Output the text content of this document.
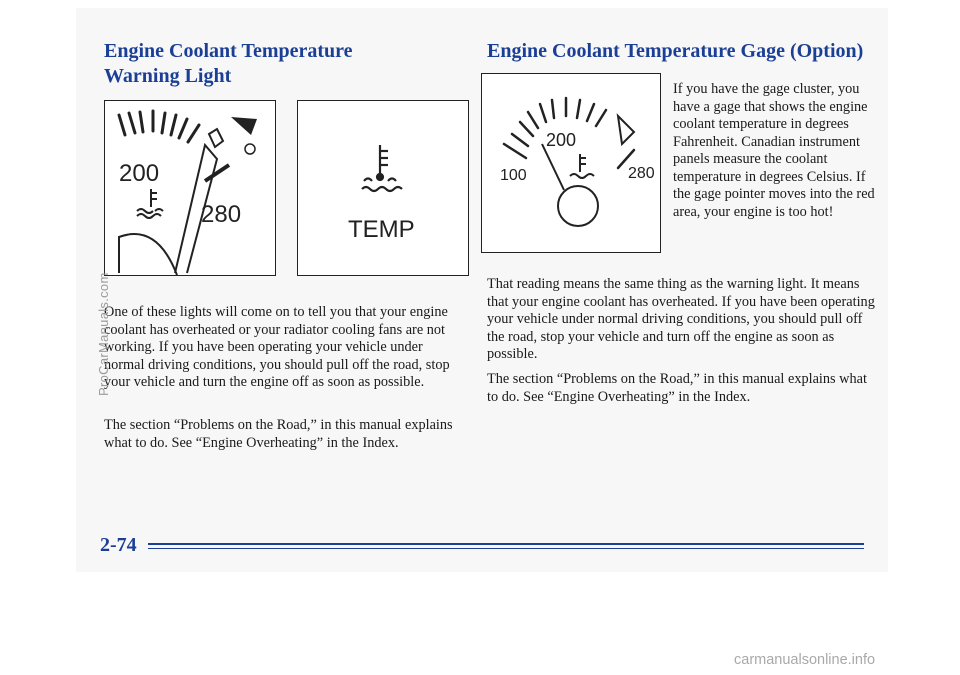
Engine Coolant Temperature
Warning Light
Engine Coolant Temperature Gage (Option)
200
280
TEMP
200
100	280

If you have the gage cluster, you have a gage that shows the engine coolant temperature in degrees Fahrenheit. Canadian instrument panels measure the coolant temperature in degrees Celsius. If the gage pointer moves into the red area, your engine is too hot!

One of these lights will come on to tell you that your engine coolant has overheated or your radiator cooling fans are not working. If you have been operating your vehicle under normal driving conditions, you should pull off the road, stop your vehicle and turn the engine off as soon as possible.

The section “Problems on the Road,” in this manual explains what to do. See “Engine Overheating” in the Index.

That reading means the same thing as the warning light. It means that your engine coolant has overheated. If you have been operating your vehicle under normal driving conditions, you should pull off the road, stop your vehicle and turn off the engine as soon as possible.

The section “Problems on the Road,” in this manual explains what to do. See “Engine Overheating” in the Index.

2-74
ProCarManuals.com
carmanualsonline.info
